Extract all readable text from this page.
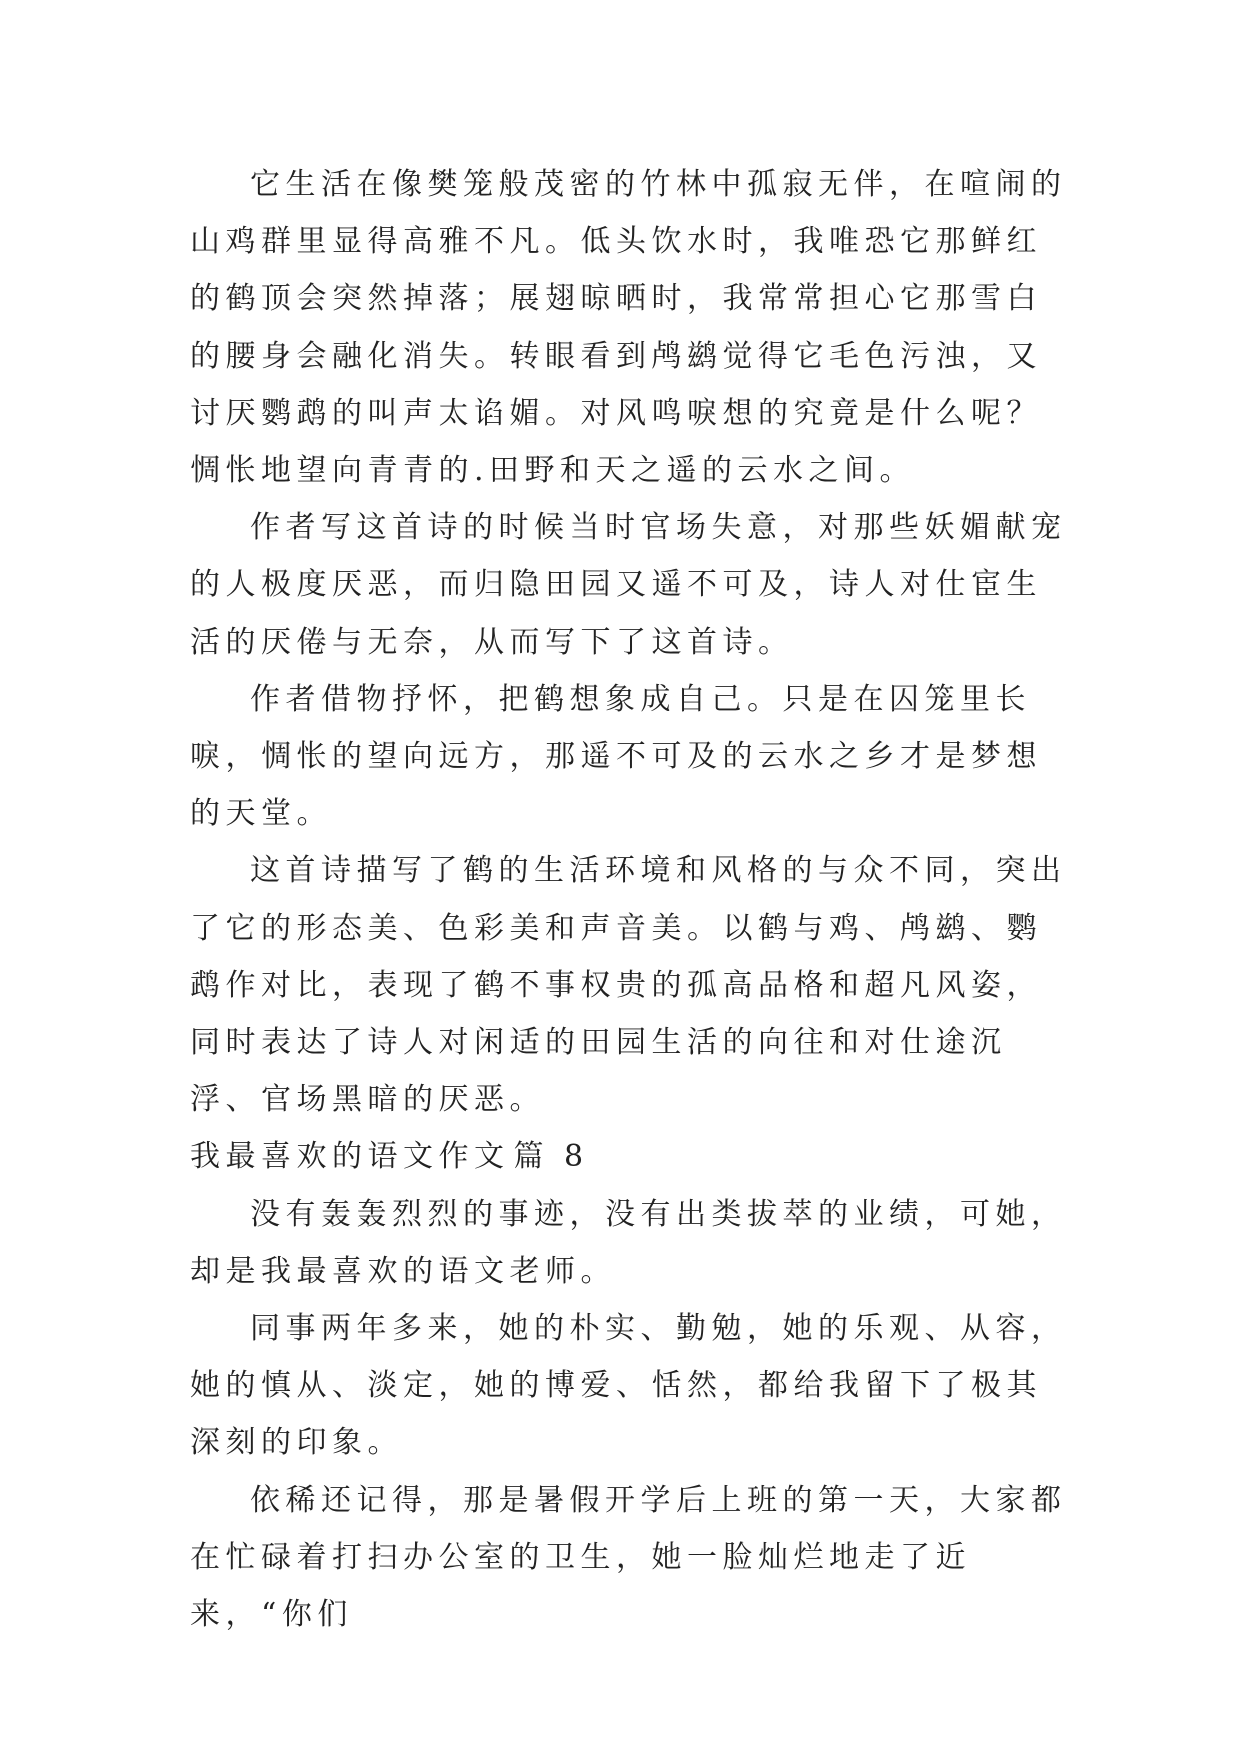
它生活在像樊笼般茂密的竹林中孤寂无伴，在喧闹的山鸡群里显得高雅不凡。低头饮水时，我唯恐它那鲜红的鹤顶会突然掉落；展翅晾晒时，我常常担心它那雪白的腰身会融化消失。转眼看到鸬鹚觉得它毛色污浊，又讨厌鹦鹉的叫声太谄媚。对风鸣唳想的究竟是什么呢？惆怅地望向青青的.田野和天之遥的云水之间。

作者写这首诗的时候当时官场失意，对那些妖媚献宠的人极度厌恶，而归隐田园又遥不可及，诗人对仕宦生活的厌倦与无奈，从而写下了这首诗。

作者借物抒怀，把鹤想象成自己。只是在囚笼里长唳，惆怅的望向远方，那遥不可及的云水之乡才是梦想的天堂。

这首诗描写了鹤的生活环境和风格的与众不同，突出了它的形态美、色彩美和声音美。以鹤与鸡、鸬鹚、鹦鹉作对比，表现了鹤不事权贵的孤高品格和超凡风姿，同时表达了诗人对闲适的田园生活的向往和对仕途沉浮、官场黑暗的厌恶。

我最喜欢的语文作文 篇 8

没有轰轰烈烈的事迹，没有出类拔萃的业绩，可她，却是我最喜欢的语文老师。

同事两年多来，她的朴实、勤勉，她的乐观、从容，她的慎从、淡定，她的博爱、恬然，都给我留下了极其深刻的印象。

依稀还记得，那是暑假开学后上班的第一天，大家都在忙碌着打扫办公室的卫生，她一脸灿烂地走了近来，“你们
